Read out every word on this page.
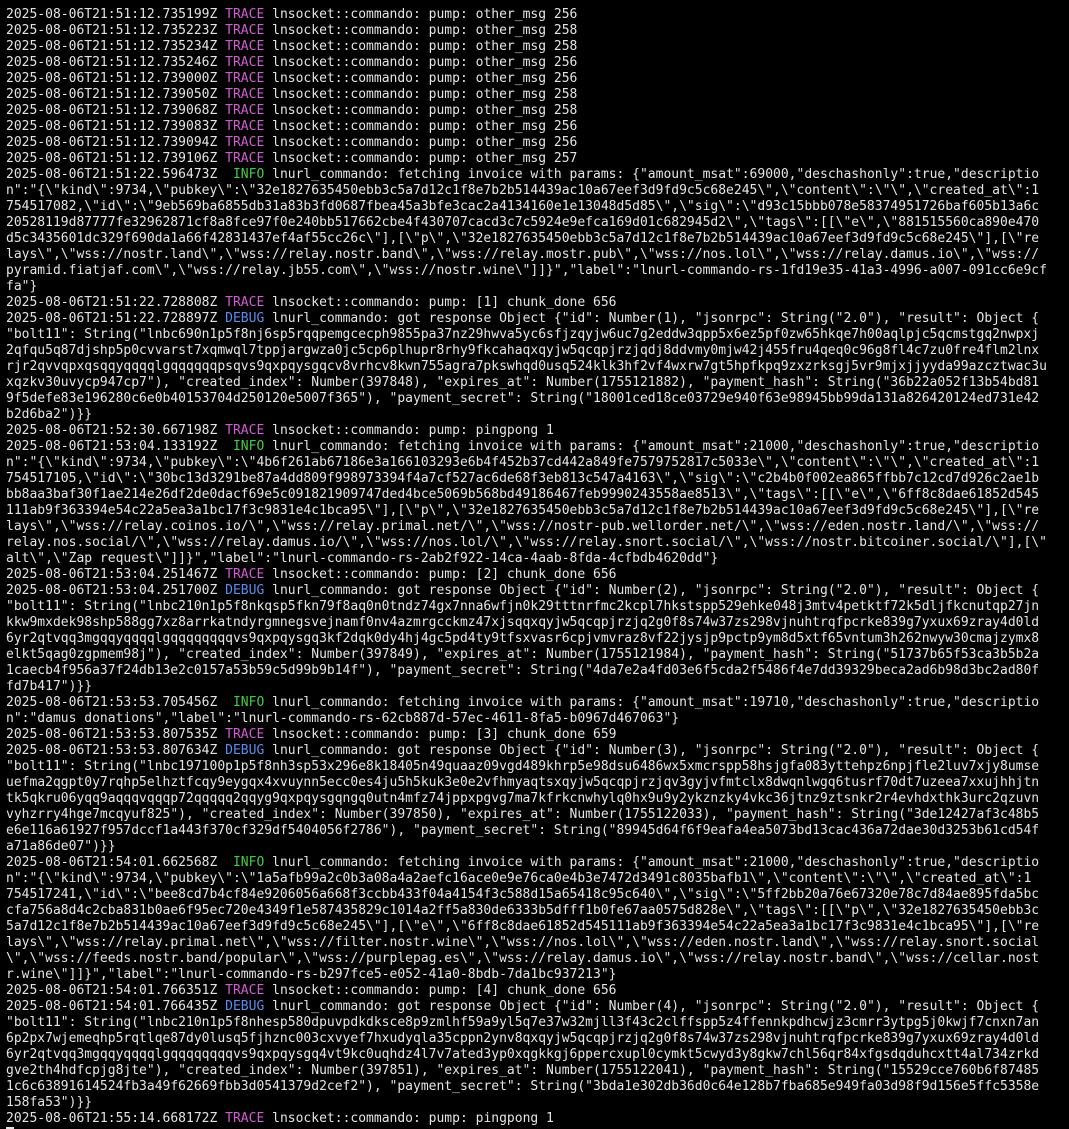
2025-08-06T21:51:12.735199Z TRACE lnsocket::commando: pump: other_msg 256
2025-08-06T21:51:12.735223Z TRACE lnsocket::commando: pump: other_msg 258
2025-08-06T21:51:12.735234Z TRACE lnsocket::commando: pump: other_msg 258
2025-08-06T21:51:12.735246Z TRACE lnsocket::commando: pump: other_msg 256
2025-08-06T21:51:12.739000Z TRACE lnsocket::commando: pump: other_msg 256
2025-08-06T21:51:12.739050Z TRACE lnsocket::commando: pump: other_msg 258
2025-08-06T21:51:12.739068Z TRACE lnsocket::commando: pump: other_msg 258
2025-08-06T21:51:12.739083Z TRACE lnsocket::commando: pump: other_msg 256
2025-08-06T21:51:12.739094Z TRACE lnsocket::commando: pump: other_msg 256
2025-08-06T21:51:12.739106Z TRACE lnsocket::commando: pump: other_msg 257
2025-08-06T21:51:22.596473Z INFO lnurl_commando: fetching invoice with params: {"amount_msat":69000,"deschashonly":true,"descriptio
n":"{\"kind\":9734,\"pubkey\":\"32e1827635450ebb3c5a7d12c1f8e7b2b514439ac10a67eef3d9fd9c5c68e245\",\"content\":\"\",\"created_at\":1
754517082,\"id\":\"9eb569ba6855db31a83b3fd0687fbea45a3bfe3cac2a4134160e1e13048d5d85\",\"sig\":\"d93c15bbb078e58374951726baf605b13a6c
20528119d87777fe32962871cf8a8fce97f0e240bb517662cbe4f430707cacd3c7c5924e9efca169d01c682945d2\",\"tags\":[[\"e\",\"881515560ca890e470
d5c3435601dc329f690da1a66f42831437ef4af55cc26c\"],[\"p\",\"32e1827635450ebb3c5a7d12c1f8e7b2b514439ac10a67eef3d9fd9c5c68e245\"],[\"re
lays\",\"wss://nostr.land\",\"wss://relay.nostr.band\",\"wss://relay.mostr.pub\",\"wss://nos.lol\",\"wss://relay.damus.io\",\"wss://
pyramid.fiatjaf.com\",\"wss://relay.jb55.com\",\"wss://nostr.wine\"]]}","label":"lnurl-commando-rs-1fd19e35-41a3-4996-a007-091cc6e9cf
fa"}
2025-08-06T21:51:22.728808Z TRACE lnsocket::commando: pump: [1] chunk_done 656
2025-08-06T21:51:22.728897Z DEBUG lnurl_commando: got response Object {"id": Number(1), "jsonrpc": String("2.0"), "result": Object {
"bolt11": String("lnbc690n1p5f8nj6sp5rqqpemgcecph9855pa37nz29hwva5yc6sfjzqyjw6uc7g2eddw3qpp5x6ez5pf0zw65hkqe7h00aqlpjc5qcmstgq2nwpxj
2qfqu5q87djshp5p0cvvarst7xqmwql7tppjargwza0jc5cp6plhupr8rhy9fkcahaqxqyjw5qcqpjrzjqdj8ddvmy0mjw42j455fru4qeq0c96g8fl4c7zu0fre4flm2lnx
rjr2qvvqpxqsqqyqqqqlgqqqqqqpsqvs9qxpqysgqcv8vrhcv8kwn755agra7pkswhqd0usq524klk3hf2vf4wxrw7gt5hpfkpq9zxzrksgj5vr9mjxjjyyda99azcztwac3u
xqzkv30uvycp947cp7"), "created_index": Number(397848), "expires_at": Number(1755121882), "payment_hash": String("36b22a052f13b54bd81
9f5defe83e196280c6e0b40153704d250120e5007f365"), "payment_secret": String("18001ced18ce03729e940f63e98945bb99da131a826420124ed731e42
b2d6ba2")}}
2025-08-06T21:52:30.667198Z TRACE lnsocket::commando: pump: pingpong 1
2025-08-06T21:53:04.133192Z INFO lnurl_commando: fetching invoice with params: {"amount_msat":21000,"deschashonly":true,"descriptio
n":"{\"kind\":9734,\"pubkey\":\"4b6f261ab67186e3a166103293e6b4f452b37cd442a849fe7579752817c5033e\",\"content\":\"\",\"created_at\":1
754517105,\"id\":\"30bc13d3291be87a4dd809f998973394f4a7cf527ac6de68f3eb813c547a4163\",\"sig\":\"c2b4b0f002ea865ffbb7c12cd7d926c2ae1b
bb8aa3baf30f1ae214e26df2de0dacf69e5c091821909747ded4bce5069b568bd49186467feb9990243558ae8513\",\"tags\":[[\"e\",\"6ff8c8dae61852d545
111ab9f363394e54c22a5ea3a1bc17f3c9831e4c1bca95\"],[\"p\",\"32e1827635450ebb3c5a7d12c1f8e7b2b514439ac10a67eef3d9fd9c5c68e245\"],[\"re
lays\",\"wss://relay.coinos.io/\",\"wss://relay.primal.net/\",\"wss://nostr-pub.wellorder.net/\",\"wss://eden.nostr.land/\",\"wss://
relay.nos.social/\",\"wss://relay.damus.io/\",\"wss://nos.lol/\",\"wss://relay.snort.social/\",\"wss://nostr.bitcoiner.social/\"],[\"
alt\",\"Zap request\"]]}","label":"lnurl-commando-rs-2ab2f922-14ca-4aab-8fda-4cfbdb4620dd"}
2025-08-06T21:53:04.251467Z TRACE lnsocket::commando: pump: [2] chunk_done 656
2025-08-06T21:53:04.251700Z DEBUG lnurl_commando: got response Object {"id": Number(2), "jsonrpc": String("2.0"), "result": Object {
"bolt11": String("lnbc210n1p5f8nkqsp5fkn79f8aq0n0tndz74gx7nna6wfjn0k29tttnrfmc2kcpl7hkstspp529ehke048j3mtv4petktf72k5dljfkcnutqp27jn
kkw9mxdek98shp588gg7xz8arrkatndyrgmnegsvejnamf0nv4azmrgcckmz47xjsqqxqyjw5qcqpjrzjq2g0f8s74w37zs298vjnuhtrqfpcrke839g7yxux69zray4d0ld
6yr2qtvqq3mgqqyqqqqlgqqqqqqqqvs9qxpqysgq3kf2dqk0dy4hj4gc5pd4ty9tfsxvasr6cpjvmvraz8vf22jysjp9pctp9ym8d5xtf65vntum3h262nwyw30cmajzymx8
elkt5qag0zgpmem98j"), "created_index": Number(397849), "expires_at": Number(1755121984), "payment_hash": String("51737b65f53ca3b5b2a
1caecb4f956a37f24db13e2c0157a53b59c5d99b9b14f"), "payment_secret": String("4da7e2a4fd03e6f5cda2f5486f4e7dd39329beca2ad6b98d3bc2ad80f
fd7b417")}}
2025-08-06T21:53:53.705456Z INFO lnurl_commando: fetching invoice with params: {"amount_msat":19710,"deschashonly":true,"descriptio
n":"damus donations","label":"lnurl-commando-rs-62cb887d-57ec-4611-8fa5-b0967d467063"}
2025-08-06T21:53:53.807535Z TRACE lnsocket::commando: pump: [3] chunk_done 659
2025-08-06T21:53:53.807634Z DEBUG lnurl_commando: got response Object {"id": Number(3), "jsonrpc": String("2.0"), "result": Object {
"bolt11": String("lnbc197100p1p5f8nh3sp53x296e8k18405n49quaaz09vgd489khrp5e98dsu6486wx5xmcrspp58hsjgfa083yttehpz6npjfle2luv7xjy8umse
uefma2qgpt0y7rqhp5elhztfcqy9eygqx4xvuynn5ecc0es4ju5h5kuk3e0e2vfhmyaqtsxqyjw5qcqpjrzjqv3gyjvfmtclx8dwqnlwgq6tusrf70dt7uzeea7xxujhhjtn
tk5qkru06yqq9aqqqvqqqp72qqqqq2qqyg9qxpqysgqngq0utn4mfz74jppxpgvg7ma7kfrkcnwhylq0hx9u9y2ykznzky4vkc36jtnz9ztsnkr2r4evhdxthk3urc2qzuvn
vyhzrry4hge7mcqyuf825"), "created_index": Number(397850), "expires_at": Number(1755122033), "payment_hash": String("3de12427af3c48b5
e6e116a61927f957dccf1a443f370cf329df5404056f2786"), "payment_secret": String("89945d64f6f9eafa4ea5073bd13cac436a72dae30d3253b61cd54f
a71a86de07")}}
2025-08-06T21:54:01.662568Z INFO lnurl_commando: fetching invoice with params: {"amount_msat":21000,"deschashonly":true,"descriptio
n":"{\"kind\":9734,\"pubkey\":\"1a5afb99a2c0b3a08a4a2aefc16ace0e9e76ca0e4b3e7472d3491c8035bafb1\",\"content\":\"\",\"created_at\":1
754517241,\"id\":\"bee8cd7b4cf84e9206056a668f3ccbb433f04a4154f3c588d15a65418c95c640\",\"sig\":\"5ff2bb20a76e67320e78c7d84ae895fda5bc
cfa756a8d4c2cba831b0ae6f95ec720e4349f1e587435829c1014a2ff5a830de6333b5dfff1b0fe67aa0575d828e\",\"tags\":[[\"p\",\"32e1827635450ebb3c
5a7d12c1f8e7b2b514439ac10a67eef3d9fd9c5c68e245\"],[\"e\",\"6ff8c8dae61852d545111ab9f363394e54c22a5ea3a1bc17f3c9831e4c1bca95\"],[\"re
lays\",\"wss://relay.primal.net\",\"wss://filter.nostr.wine\",\"wss://nos.lol\",\"wss://eden.nostr.land\",\"wss://relay.snort.social
\",\"wss://feeds.nostr.band/popular\",\"wss://purplepag.es\",\"wss://relay.damus.io\",\"wss://relay.nostr.band\",\"wss://cellar.nost
r.wine\"]]}","label":"lnurl-commando-rs-b297fce5-e052-41a0-8bdb-7da1bc937213"}
2025-08-06T21:54:01.766351Z TRACE lnsocket::commando: pump: [4] chunk_done 656
2025-08-06T21:54:01.766435Z DEBUG lnurl_commando: got response Object {"id": Number(4), "jsonrpc": String("2.0"), "result": Object {
"bolt11": String("lnbc210n1p5f8nhesp580dpuvpdkdksce8p9zmlhf59a9yl5q7e37w32mjll3f43c2clffspp5z4ffennkpdhcwjz3cmrr3ytpg5j0kwjf7cnxn7an
6p2px7wjemeqhp5rqtlqe87dy0lusq5fjhznc003cxvyef7hxudyqla35cppn2ynv8qxqyjw5qcqpjrzjq2g0f8s74w37zs298vjnuhtrqfpcrke839g7yxux69zray4d0ld
6yr2qtvqq3mgqqyqqqqlgqqqqqqqqvs9qxpqysgq4vt9kc0uqhdz4l7v7ated3yp0xqgkkgj6ppercxupl0cymkt5cwyd3y8gkw7chl56qr84xfgsdqduhcxtt4al734zrkd
gve2th4hdfcpjg8jte"), "created_index": Number(397851), "expires_at": Number(1755122041), "payment_hash": String("15529cce760b6f87485
1c6c63891614524fb3a49f62669fbb3d0541379d2cef2"), "payment_secret": String("3bda1e302db36d0c64e128b7fba685e949fa03d98f9d156e5ffc5358e
158fa53")}}
2025-08-06T21:55:14.668172Z TRACE lnsocket::commando: pump: pingpong 1
